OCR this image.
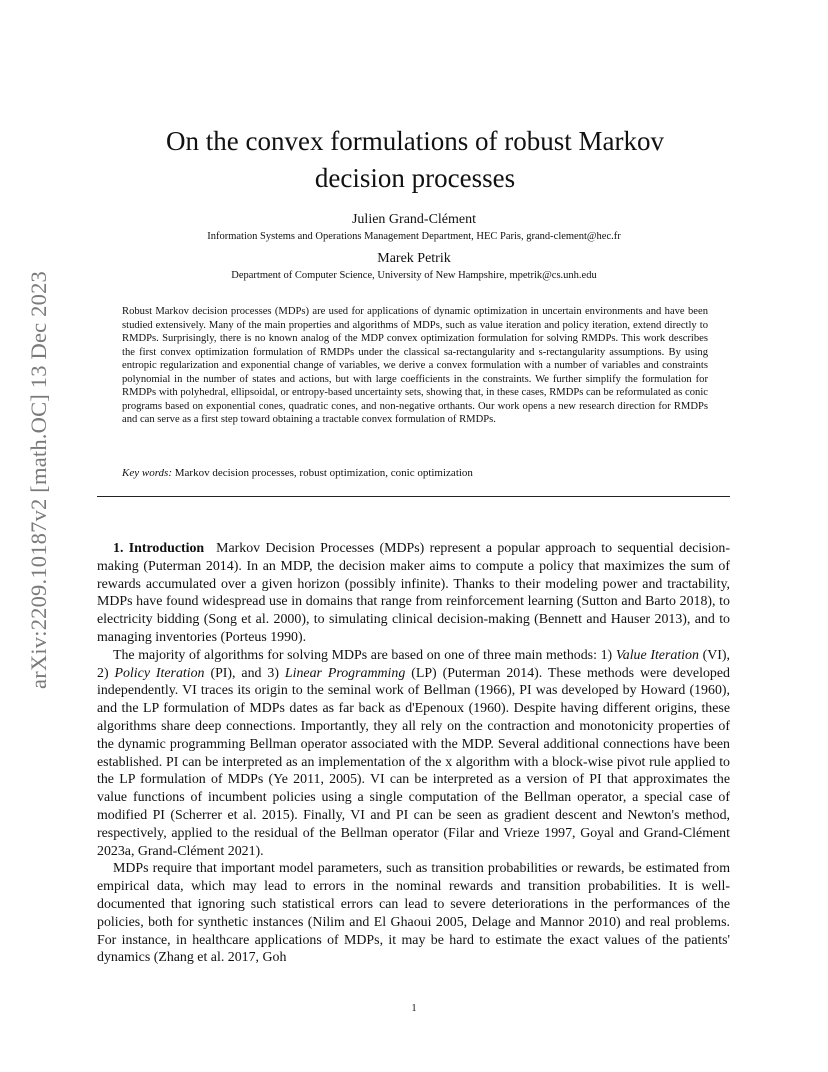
arXiv:2209.10187v2 [math.OC] 13 Dec 2023
On the convex formulations of robust Markov decision processes
Julien Grand-Clément
Information Systems and Operations Management Department, HEC Paris, grand-clement@hec.fr
Marek Petrik
Department of Computer Science, University of New Hampshire, mpetrik@cs.unh.edu
Robust Markov decision processes (MDPs) are used for applications of dynamic optimization in uncertain environments and have been studied extensively. Many of the main properties and algorithms of MDPs, such as value iteration and policy iteration, extend directly to RMDPs. Surprisingly, there is no known analog of the MDP convex optimization formulation for solving RMDPs. This work describes the first convex optimization formulation of RMDPs under the classical sa-rectangularity and s-rectangularity assumptions. By using entropic regularization and exponential change of variables, we derive a convex formulation with a number of variables and constraints polynomial in the number of states and actions, but with large coefficients in the constraints. We further simplify the formulation for RMDPs with polyhedral, ellipsoidal, or entropy-based uncertainty sets, showing that, in these cases, RMDPs can be reformulated as conic programs based on exponential cones, quadratic cones, and non-negative orthants. Our work opens a new research direction for RMDPs and can serve as a first step toward obtaining a tractable convex formulation of RMDPs.
Key words: Markov decision processes, robust optimization, conic optimization

1. Introduction Markov Decision Processes (MDPs) represent a popular approach to sequential decision-making (Puterman 2014). In an MDP, the decision maker aims to compute a policy that maximizes the sum of rewards accumulated over a given horizon (possibly infinite). Thanks to their modeling power and tractability, MDPs have found widespread use in domains that range from reinforcement learning (Sutton and Barto 2018), to electricity bidding (Song et al. 2000), to simulating clinical decision-making (Bennett and Hauser 2013), and to managing inventories (Porteus 1990).

The majority of algorithms for solving MDPs are based on one of three main methods: 1) Value Iteration (VI), 2) Policy Iteration (PI), and 3) Linear Programming (LP) (Puterman 2014). These methods were developed independently. VI traces its origin to the seminal work of Bellman (1966), PI was developed by Howard (1960), and the LP formulation of MDPs dates as far back as d'Epenoux (1960). Despite having different origins, these algorithms share deep connections. Importantly, they all rely on the contraction and monotonicity properties of the dynamic programming Bellman operator associated with the MDP. Several additional connections have been established. PI can be interpreted as an implementation of the x algorithm with a block-wise pivot rule applied to the LP formulation of MDPs (Ye 2011, 2005). VI can be interpreted as a version of PI that approximates the value functions of incumbent policies using a single computation of the Bellman operator, a special case of modified PI (Scherrer et al. 2015). Finally, VI and PI can be seen as gradient descent and Newton's method, respectively, applied to the residual of the Bellman operator (Filar and Vrieze 1997, Goyal and Grand-Clément 2023a, Grand-Clément 2021).

MDPs require that important model parameters, such as transition probabilities or rewards, be estimated from empirical data, which may lead to errors in the nominal rewards and transition probabilities. It is well-documented that ignoring such statistical errors can lead to severe deteriorations in the performances of the policies, both for synthetic instances (Nilim and El Ghaoui 2005, Delage and Mannor 2010) and real problems. For instance, in healthcare applications of MDPs, it may be hard to estimate the exact values of the patients' dynamics (Zhang et al. 2017, Goh

1
